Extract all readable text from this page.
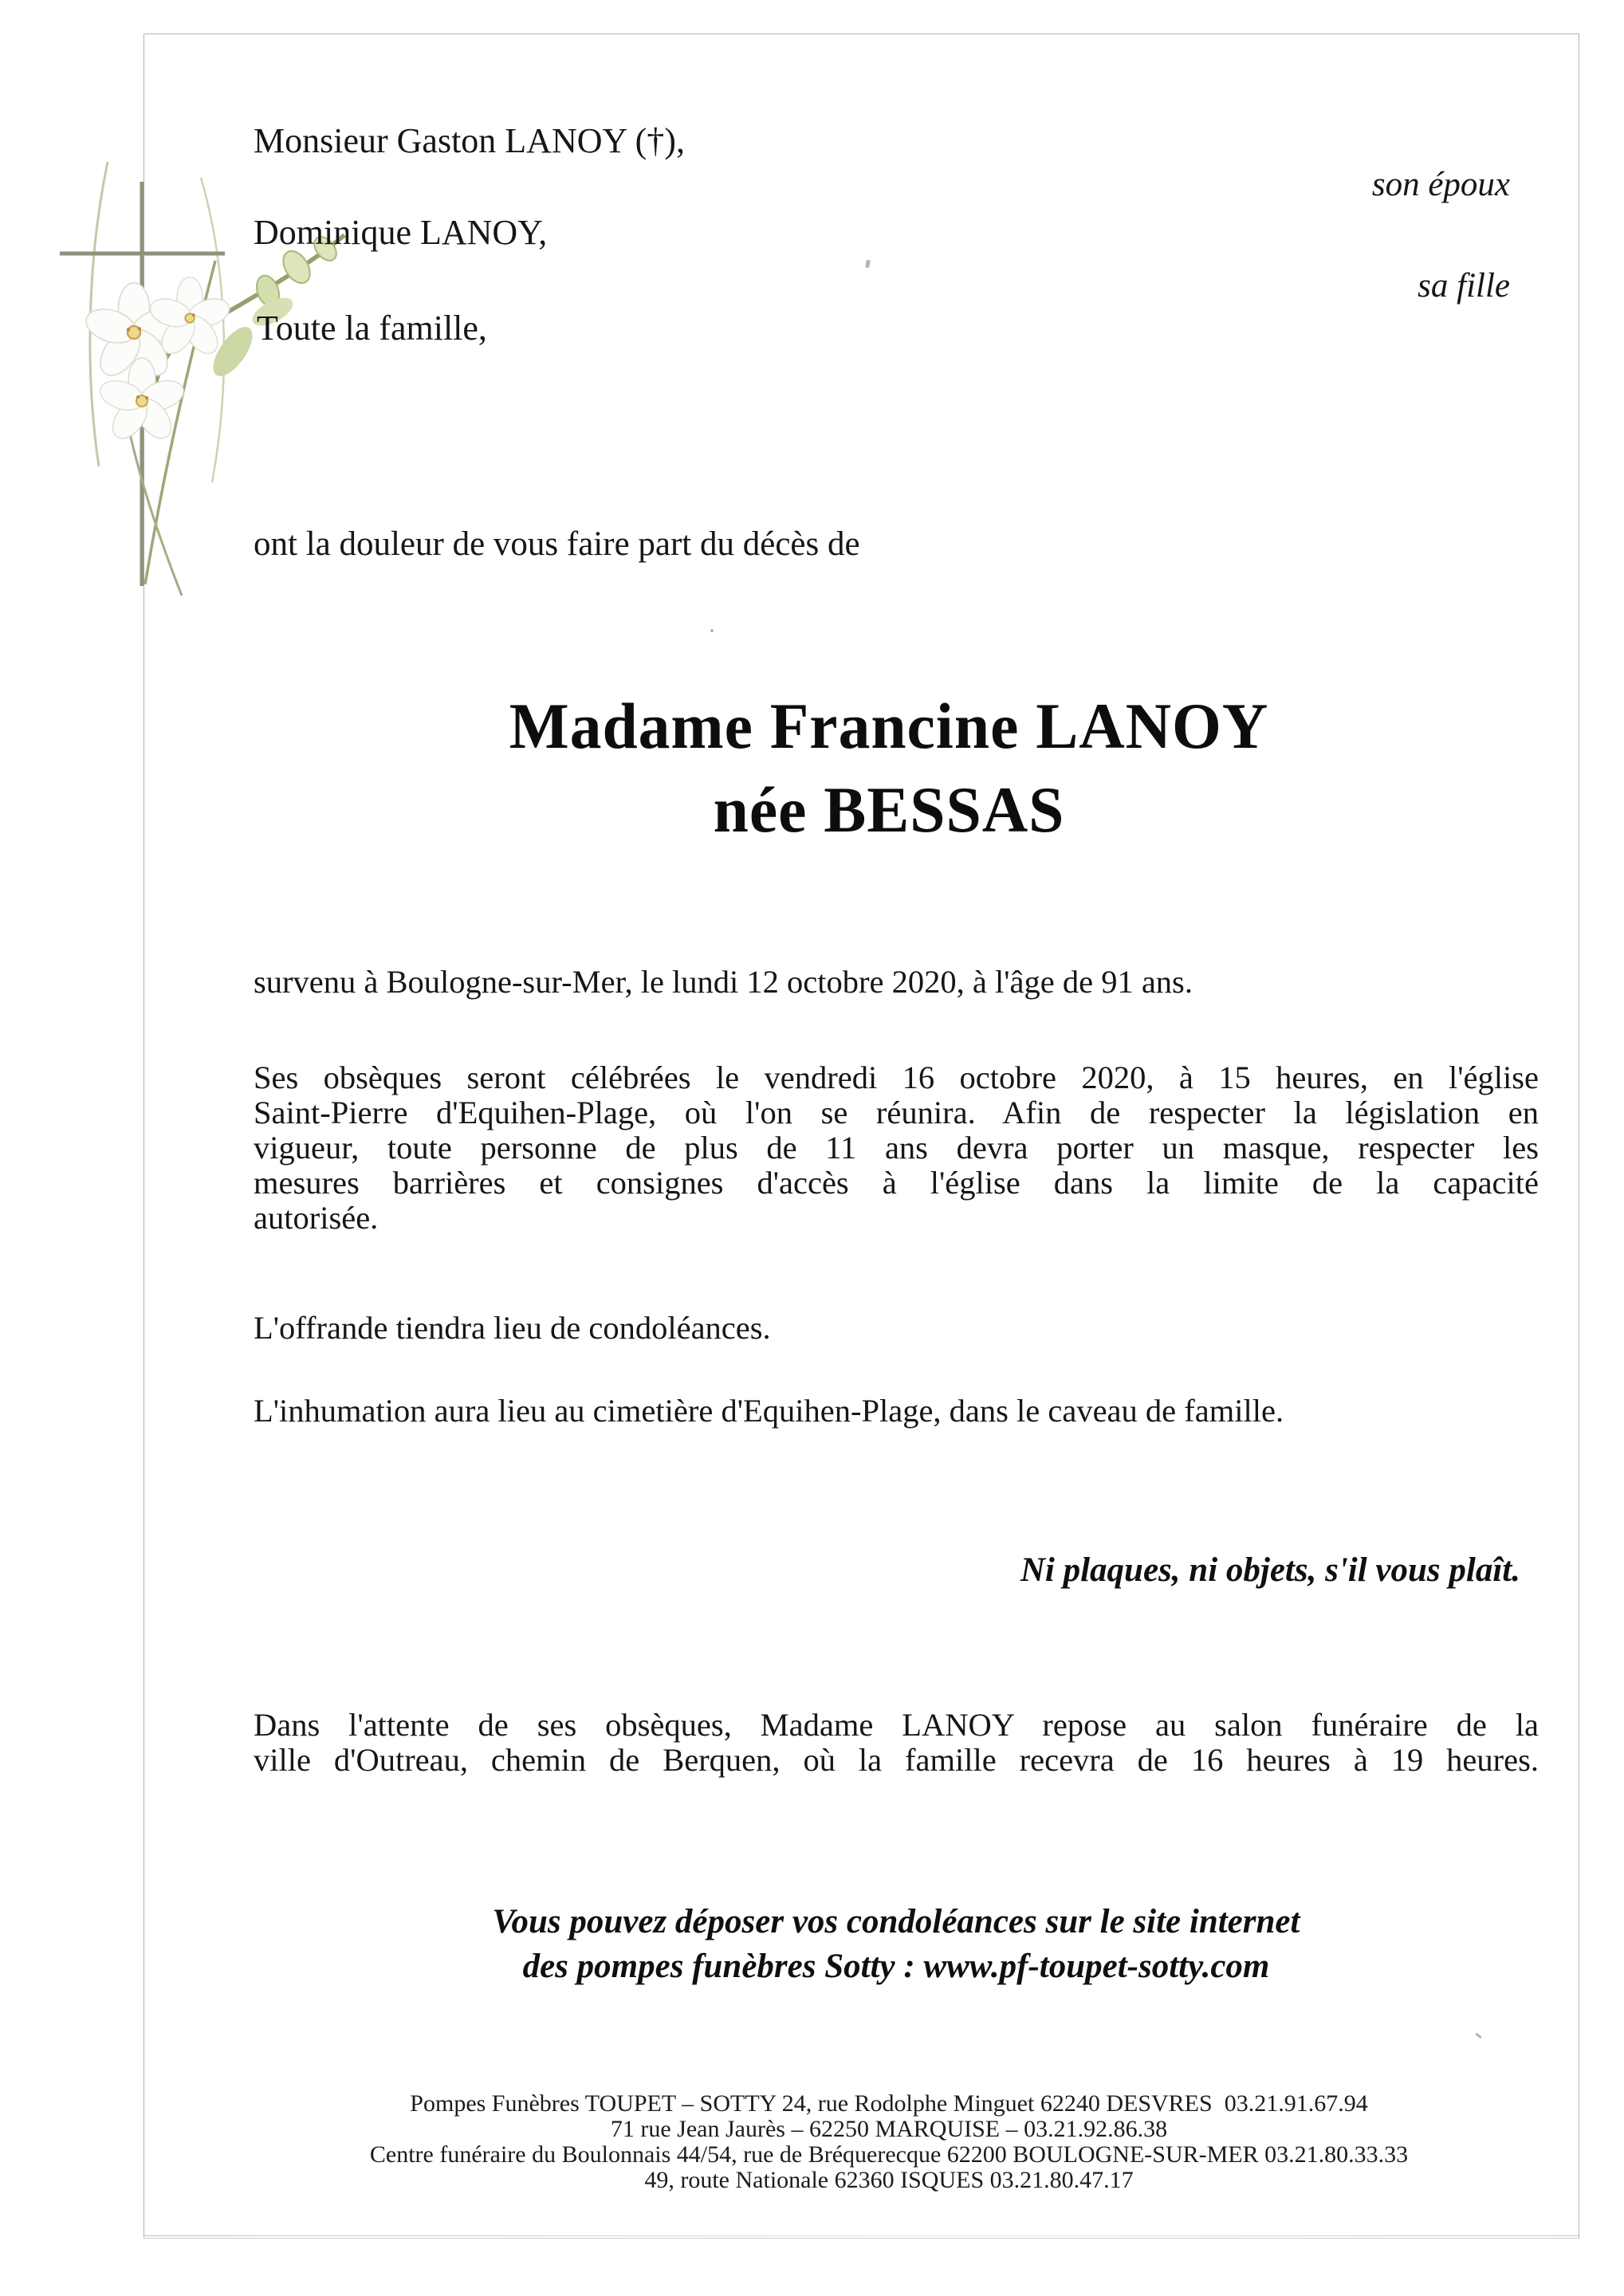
Monsieur Gaston LANOY (†),
son époux
Dominique LANOY,
sa fille
Toute la famille,
ont la douleur de vous faire part du décès de
Madame Francine LANOY
née BESSAS
survenu à Boulogne-sur-Mer, le lundi 12 octobre 2020, à l'âge de 91 ans.
Ses obsèques seront célébrées le vendredi 16 octobre 2020, à 15 heures, en l'église
Saint-Pierre d'Equihen-Plage, où l'on se réunira. Afin de respecter la législation en
vigueur, toute personne de plus de 11 ans devra porter un masque, respecter les
mesures barrières et consignes d'accès à l'église dans la limite de la capacité
autorisée.
L'offrande tiendra lieu de condoléances.
L'inhumation aura lieu au cimetière d'Equihen-Plage, dans le caveau de famille.
Ni plaques, ni objets, s'il vous plaît.
Dans l'attente de ses obsèques, Madame LANOY repose au salon funéraire de la
ville d'Outreau, chemin de Berquen, où la famille recevra de 16 heures à 19 heures.
Vous pouvez déposer vos condoléances sur le site internet
des pompes funèbres Sotty : www.pf-toupet-sotty.com
Pompes Funèbres TOUPET – SOTTY 24, rue Rodolphe Minguet 62240 DESVRES  03.21.91.67.94
71 rue Jean Jaurès – 62250 MARQUISE – 03.21.92.86.38
Centre funéraire du Boulonnais 44/54, rue de Bréquerecque 62200 BOULOGNE-SUR-MER 03.21.80.33.33
49, route Nationale 62360 ISQUES 03.21.80.47.17
